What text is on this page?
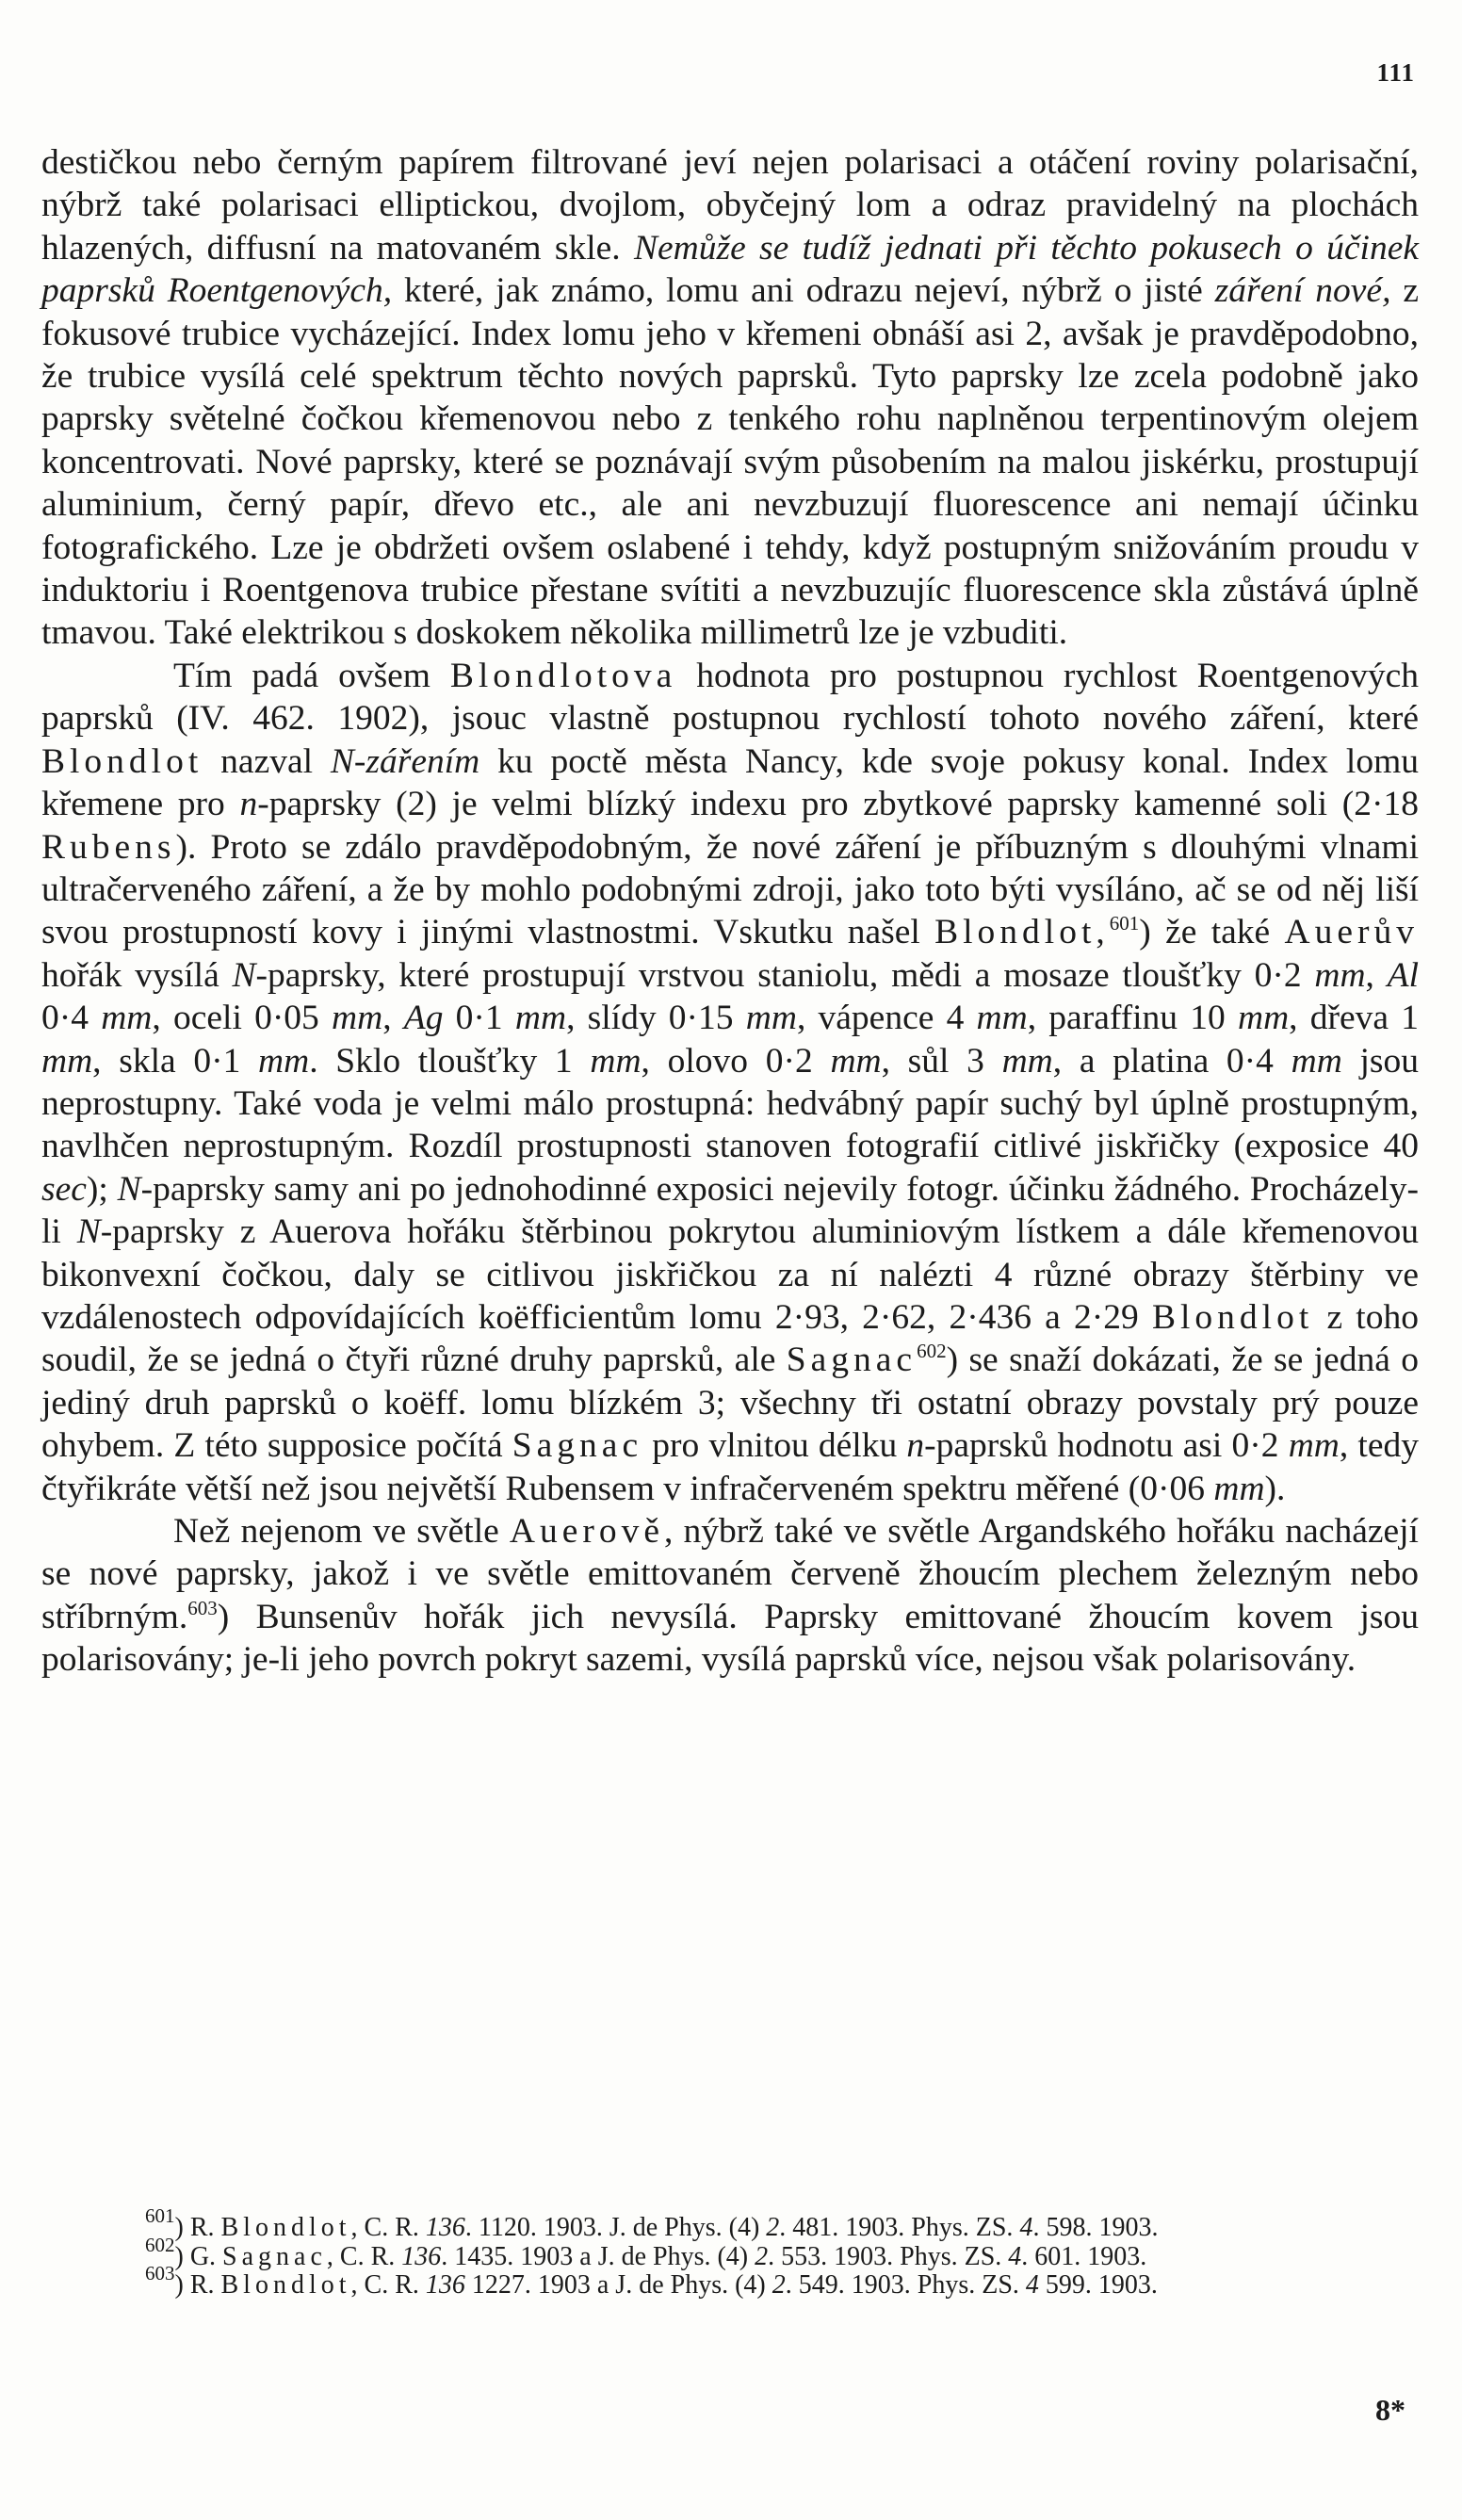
111

destičkou nebo černým papírem filtrované jeví nejen polarisaci a otáčení roviny polarisační, nýbrž také polarisaci elliptickou, dvojlom, obyčejný lom a odraz pravidelný na plochách hlazených, diffusní na matovaném skle. Nemůže se tudíž jednati při těchto pokusech o účinek paprsků Roentgenových, které, jak známo, lomu ani odrazu nejeví, nýbrž o jisté záření nové, z fokusové trubice vycházející. Index lomu jeho v křemeni obnáší asi 2, avšak je pravděpodobno, že trubice vysílá celé spektrum těchto nových paprsků. Tyto paprsky lze zcela podobně jako paprsky světelné čočkou křemenovou nebo z tenkého rohu naplněnou terpentinovým olejem koncentrovati. Nové paprsky, které se poznávají svým působením na malou jiskérku, prostupují aluminium, černý papír, dřevo etc., ale ani nevzbuzují fluorescence ani nemají účinku fotografického. Lze je obdržeti ovšem oslabené i tehdy, když postupným snižováním proudu v induktoriu i Roentgenova trubice přestane svítiti a nevzbuzujíc fluorescence skla zůstává úplně tmavou. Také elektrikou s doskokem několika millimetrů lze je vzbuditi.

Tím padá ovšem Blondlotova hodnota pro postupnou rychlost Roentgenových paprsků (IV. 462. 1902), jsouc vlastně postupnou rychlostí tohoto nového záření, které Blondlot nazval N-zářením ku poctě města Nancy, kde svoje pokusy konal. Index lomu křemene pro n-paprsky (2) je velmi blízký indexu pro zbytkové paprsky kamenné soli (2·18 Rubens). Proto se zdálo pravděpodobným, že nové záření je příbuzným s dlouhými vlnami ultračerveného záření, a že by mohlo podobnými zdroji, jako toto býti vysíláno, ač se od něj liší svou prostupností kovy i jinými vlastnostmi. Vskutku našel Blondlot,$^{601}$) že také Auerův hořák vysílá N-paprsky, které prostupují vrstvou staniolu, mědi a mosaze tloušťky 0·2 mm, Al 0·4 mm, oceli 0·05 mm, Ag 0·1 mm, slídy 0·15 mm, vápence 4 mm, paraffinu 10 mm, dřeva 1 mm, skla 0·1 mm. Sklo tloušťky 1 mm, olovo 0·2 mm, sůl 3 mm, a platina 0·4 mm jsou neprostupny. Také voda je velmi málo prostupná: hedvábný papír suchý byl úplně prostupným, navlhčen neprostupným. Rozdíl prostupnosti stanoven fotografií citlivé jiskřičky (exposice 40 sec); N-paprsky samy ani po jednohodinné exposici nejevily fotogr. účinku žádného. Procházely-li N-paprsky z Auerova hořáku štěrbinou pokrytou aluminiovým lístkem a dále křemenovou bikonvexní čočkou, daly se citlivou jiskřičkou za ní nalézti 4 různé obrazy štěrbiny ve vzdálenostech odpovídajících koëfficientům lomu 2·93, 2·62, 2·436 a 2·29 Blondlot z toho soudil, že se jedná o čtyři různé druhy paprsků, ale Sagnac$^{602}$) se snaží dokázati, že se jedná o jediný druh paprsků o koëff. lomu blízkém 3; všechny tři ostatní obrazy povstaly prý pouze ohybem. Z této supposice počítá Sagnac pro vlnitou délku n-paprsků hodnotu asi 0·2 mm, tedy čtyřikráte větší než jsou největší Rubensem v infračerveném spektru měřené (0·06 mm).

Než nejenom ve světle Auerově, nýbrž také ve světle Argandského hořáku nacházejí se nové paprsky, jakož i ve světle emittovaném červeně žhoucím plechem železným nebo stříbrným.$^{603}$) Bunsenův hořák jich nevysílá. Paprsky emittované žhoucím kovem jsou polarisovány; je-li jeho povrch pokryt sazemi, vysílá paprsků více, nejsou však polarisovány.

$^{601}$) R. Blondlot, C. R. 136. 1120. 1903. J. de Phys. (4) 2. 481. 1903. Phys. ZS. 4. 598. 1903.

$^{602}$) G. Sagnac, C. R. 136. 1435. 1903 a J. de Phys. (4) 2. 553. 1903. Phys. ZS. 4. 601. 1903.

$^{603}$) R. Blondlot, C. R. 136 1227. 1903 a J. de Phys. (4) 2. 549. 1903. Phys. ZS. 4 599. 1903.

8*
